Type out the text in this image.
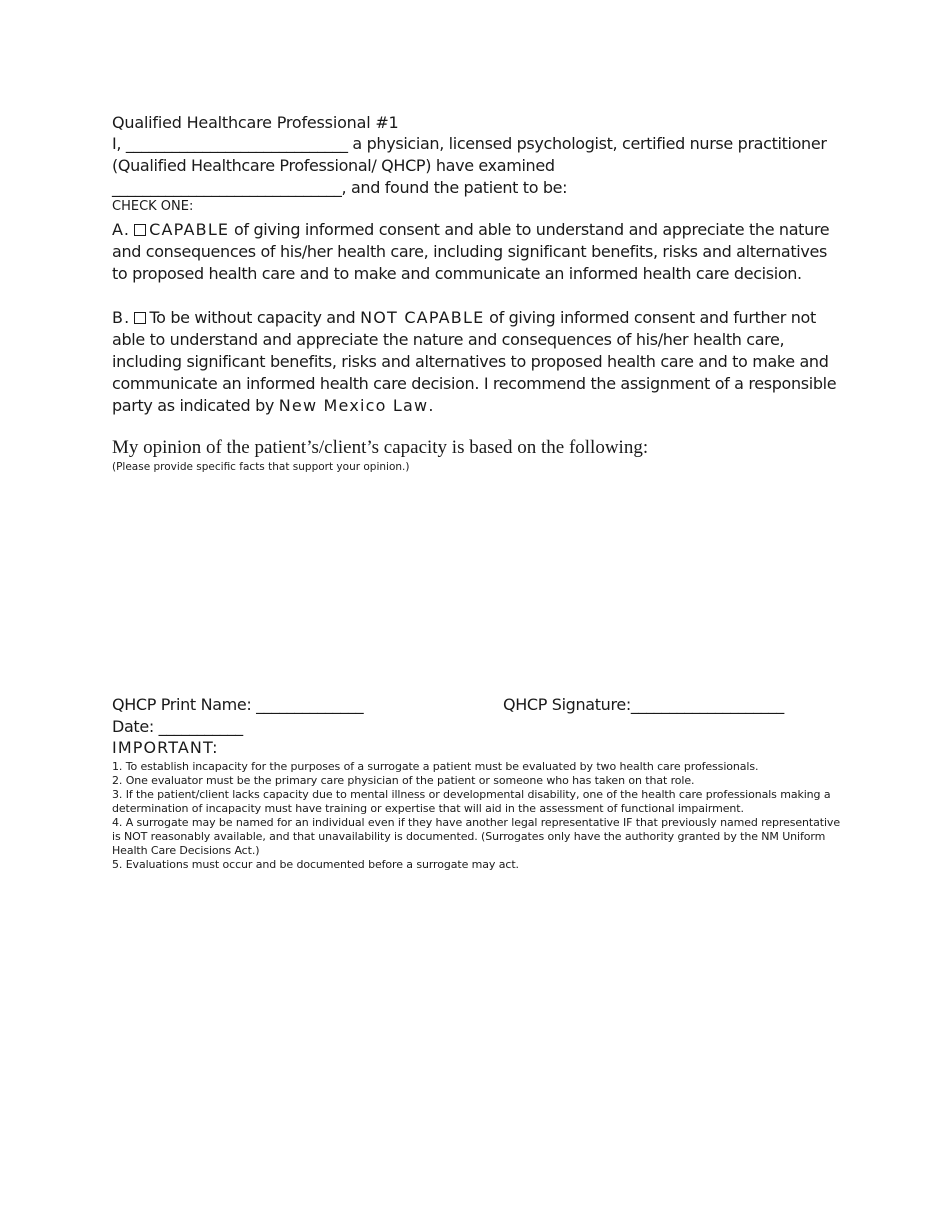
Qualified Healthcare Professional #1
I, _____________________________ a physician, licensed psychologist, certified nurse practitioner (Qualified Healthcare Professional/ QHCP) have examined
______________________________, and found the patient to be:
CHECK ONE:
A. CAPABLE of giving informed consent and able to understand and appreciate the nature and consequences of his/her health care, including significant benefits, risks and alternatives to proposed health care and to make and communicate an informed health care decision.
B. To be without capacity and NOT CAPABLE of giving informed consent and further not able to understand and appreciate the nature and consequences of his/her health care, including significant benefits, risks and alternatives to proposed health care and to make and communicate an informed health care decision. I recommend the assignment of a responsible party as indicated by New Mexico Law.
My opinion of the patient’s/client’s capacity is based on the following:
(Please provide specific facts that support your opinion.)
QHCP Print Name: ______________	QHCP Signature:____________________
Date: ___________
IMPORTANT:
1. To establish incapacity for the purposes of a surrogate a patient must be evaluated by two health care professionals.
2. One evaluator must be the primary care physician of the patient or someone who has taken on that role.
3. If the patient/client lacks capacity due to mental illness or developmental disability, one of the health care professionals making a determination of incapacity must have training or expertise that will aid in the assessment of functional impairment.
4. A surrogate may be named for an individual even if they have another legal representative IF that previously named representative is NOT reasonably available, and that unavailability is documented. (Surrogates only have the authority granted by the NM Uniform Health Care Decisions Act.)
5. Evaluations must occur and be documented before a surrogate may act.
